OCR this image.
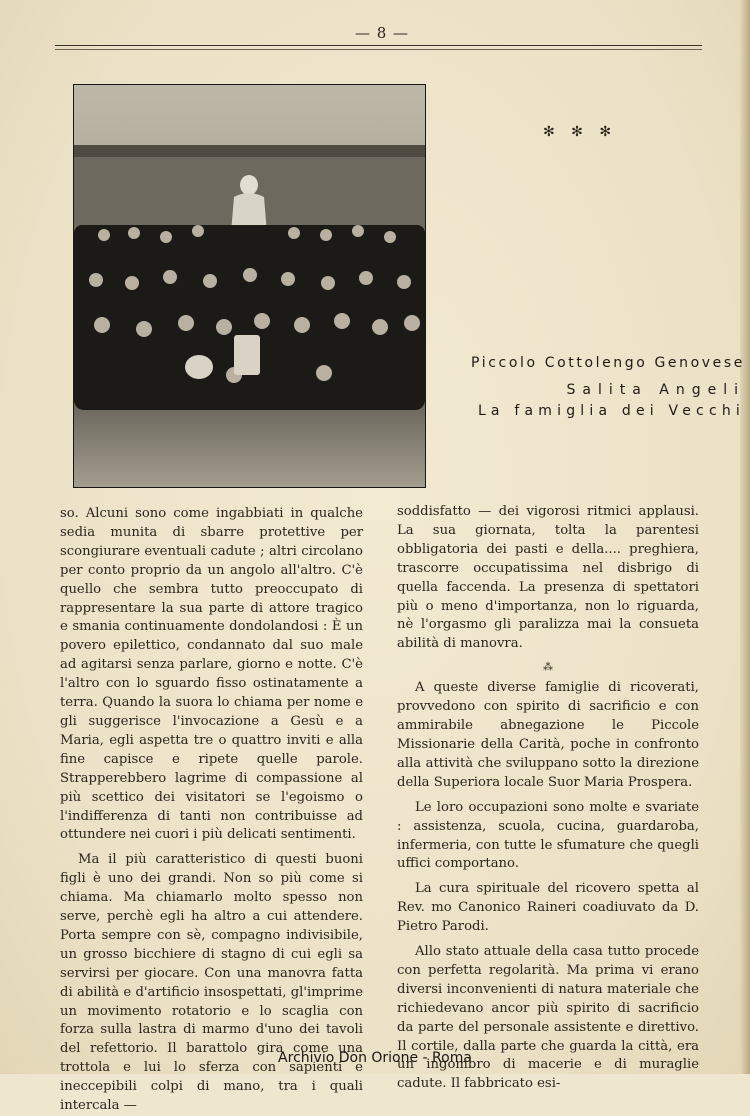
— 8 —
✻ ✻ ✻
Piccolo Cottolengo Genovese
Salita Angeli
La famiglia dei Vecchi

so. Alcuni sono come ingabbiati in qualche sedia munita di sbarre protettive per scongiurare eventuali cadute ; altri circolano per conto proprio da un angolo all'altro. C'è quello che sembra tutto preoccupato di rappresentare la sua parte di attore tragico e smania continuamente dondolandosi : È un povero epilettico, condannato dal suo male ad agitarsi senza parlare, giorno e notte. C'è l'altro con lo sguardo fisso ostinatamente a terra. Quando la suora lo chiama per nome e gli suggerisce l'invocazione a Gesù e a Maria, egli aspetta tre o quattro inviti e alla fine capisce e ripete quelle parole. Strapperebbero lagrime di compassione al più scettico dei visitatori se l'egoismo o l'indifferenza di tanti non contribuisse ad ottundere nei cuori i più delicati sentimenti.

Ma il più caratteristico di questi buoni figli è uno dei grandi. Non so più come si chiama. Ma chiamarlo molto spesso non serve, perchè egli ha altro a cui attendere. Porta sempre con sè, compagno indivisibile, un grosso bicchiere di stagno di cui egli sa servirsi per giocare. Con una manovra fatta di abilità e d'artificio insospettati, gl'imprime un movimento rotatorio e lo scaglia con forza sulla lastra di marmo d'uno dei tavoli del refettorio. Il barattolo gira come una trottola e lui lo sferza con sapienti e ineccepibili colpi di mano, tra i quali intercala —

soddisfatto — dei vigorosi ritmici applausi. La sua giornata, tolta la parentesi obbligatoria dei pasti e della.... preghiera, trascorre occupatissima nel disbrigo di quella faccenda. La presenza di spettatori più o meno d'importanza, non lo riguarda, nè l'orgasmo gli paralizza mai la consueta abilità di manovra.

⁂

A queste diverse famiglie di ricoverati, provvedono con spirito di sacrificio e con ammirabile abnegazione le Piccole Missionarie della Carità, poche in confronto alla attività che sviluppano sotto la direzione della Superiora locale Suor Maria Prospera.

Le loro occupazioni sono molte e svariate : assistenza, scuola, cucina, guardaroba, infermeria, con tutte le sfumature che quegli uffici comportano.

La cura spirituale del ricovero spetta al Rev. mo Canonico Raineri coadiuvato da D. Pietro Parodi.

Allo stato attuale della casa tutto procede con perfetta regolarità. Ma prima vi erano diversi inconvenienti di natura materiale che richiedevano ancor più spirito di sacrificio da parte del personale assistente e direttivo. Il cortile, dalla parte che guarda la città, era un ingombro di macerie e di muraglie cadute. Il fabbricato esi-

Archivio Don Orione - Roma
